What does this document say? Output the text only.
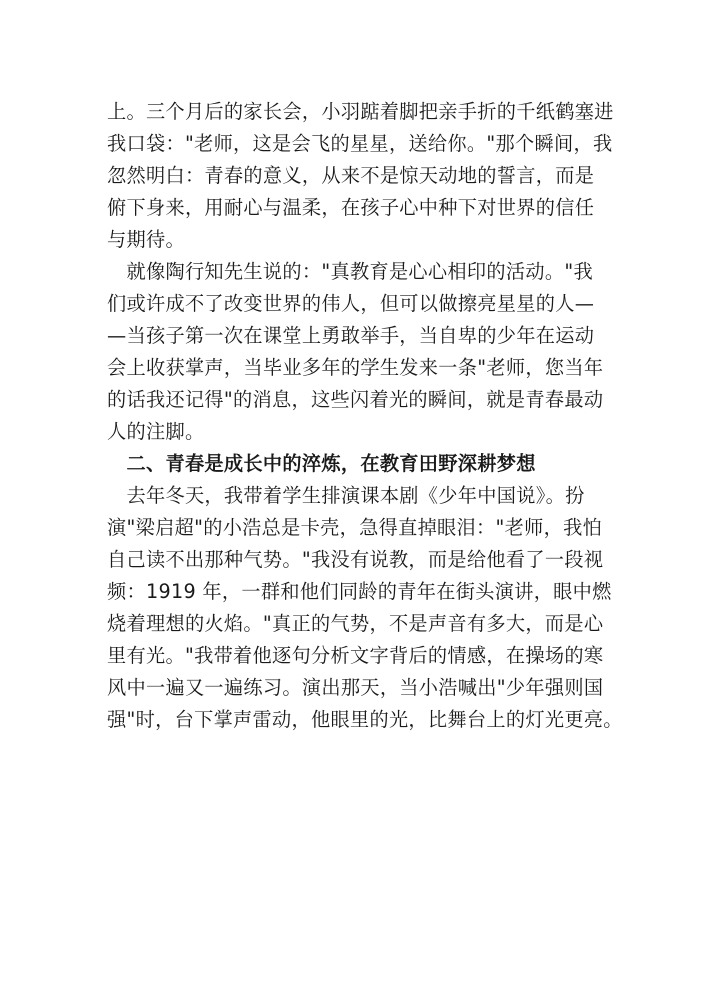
上。三个月后的家长会，小羽踮着脚把亲手折的千纸鹤塞进
我口袋："老师，这是会飞的星星，送给你。"那个瞬间，我
忽然明白：青春的意义，从来不是惊天动地的誓言，而是
俯下身来，用耐心与温柔，在孩子心中种下对世界的信任
与期待。
　就像陶行知先生说的："真教育是心心相印的活动。"我
们或许成不了改变世界的伟人，但可以做擦亮星星的人—
—当孩子第一次在课堂上勇敢举手，当自卑的少年在运动
会上收获掌声，当毕业多年的学生发来一条"老师，您当年
的话我还记得"的消息，这些闪着光的瞬间，就是青春最动
人的注脚。
　二、青春是成长中的淬炼，在教育田野深耕梦想
　去年冬天，我带着学生排演课本剧《少年中国说》。扮
演"梁启超"的小浩总是卡壳，急得直掉眼泪："老师，我怕
自己读不出那种气势。"我没有说教，而是给他看了一段视
频：1919 年，一群和他们同龄的青年在街头演讲，眼中燃
烧着理想的火焰。"真正的气势，不是声音有多大，而是心
里有光。"我带着他逐句分析文字背后的情感，在操场的寒
风中一遍又一遍练习。演出那天，当小浩喊出"少年强则国
强"时，台下掌声雷动，他眼里的光，比舞台上的灯光更亮。
